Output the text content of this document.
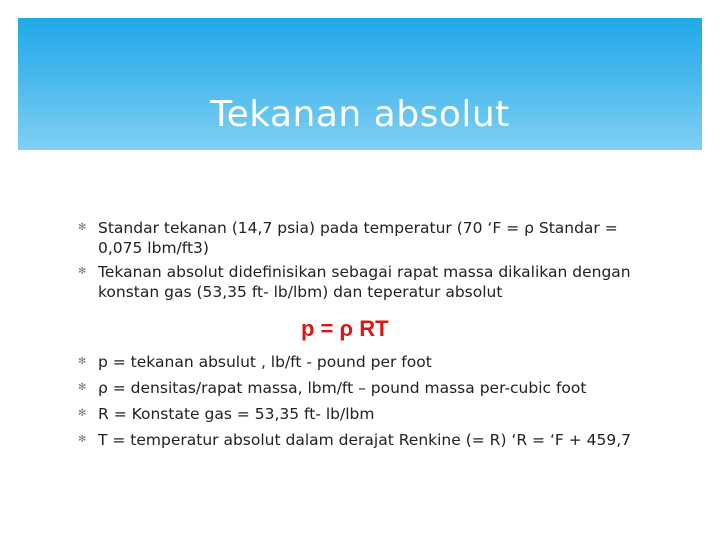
Tekanan absolut
✻ Standar tekanan (14,7 psia) pada temperatur (70 ‘F = ρ Standar = 0,075 lbm/ft3)
✻ Tekanan absolut didefinisikan sebagai rapat massa dikalikan dengan konstan gas (53,35 ft- lb/lbm) dan teperatur absolut
p = ρ RT
✻ p = tekanan absulut , lb/ft - pound per foot
✻ ρ = densitas/rapat massa, lbm/ft – pound massa per-cubic foot
✻ R = Konstate gas = 53,35 ft- lb/lbm
✻ T = temperatur absolut dalam derajat Renkine (= R) ‘R = ‘F + 459,7
